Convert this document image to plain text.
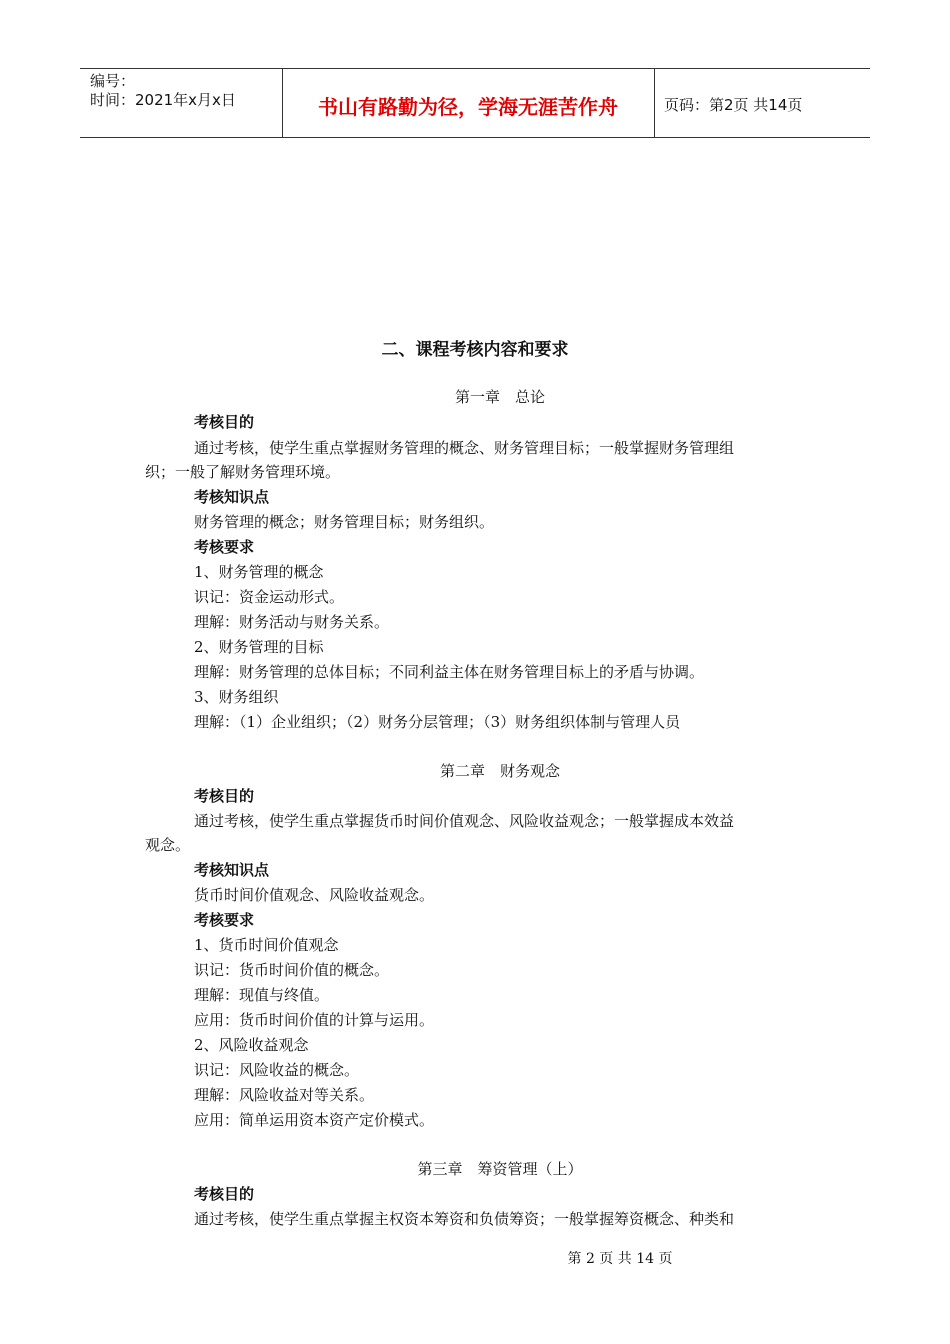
编号：
时间：2021年x月x日	书山有路勤为径，学海无涯苦作舟	页码：第2页 共14页
二、课程考核内容和要求
第一章　总论
考核目的
通过考核，使学生重点掌握财务管理的概念、财务管理目标；一般掌握财务管理组
织；一般了解财务管理环境。
考核知识点
财务管理的概念；财务管理目标；财务组织。
考核要求
1、财务管理的概念
识记：资金运动形式。
理解：财务活动与财务关系。
2、财务管理的目标
理解：财务管理的总体目标；不同利益主体在财务管理目标上的矛盾与协调。
3、财务组织
理解：（1）企业组织；（2）财务分层管理；（3）财务组织体制与管理人员
第二章　财务观念
考核目的
通过考核，使学生重点掌握货币时间价值观念、风险收益观念；一般掌握成本效益
观念。
考核知识点
货币时间价值观念、风险收益观念。
考核要求
1、货币时间价值观念
识记：货币时间价值的概念。
理解：现值与终值。
应用：货币时间价值的计算与运用。
2、风险收益观念
识记：风险收益的概念。
理解：风险收益对等关系。
应用：简单运用资本资产定价模式。
第三章　筹资管理（上）
考核目的
通过考核，使学生重点掌握主权资本筹资和负债筹资；一般掌握筹资概念、种类和
第 2 页 共 14 页
